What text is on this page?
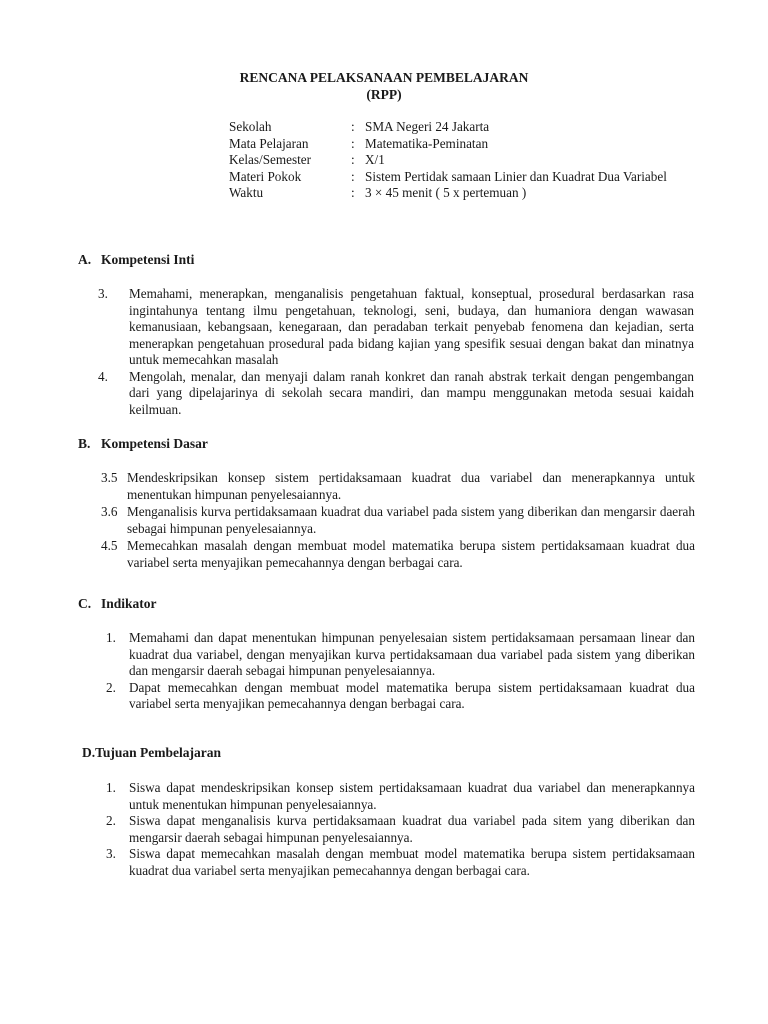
RENCANA PELAKSANAAN PEMBELAJARAN
(RPP)
Sekolah	: SMA Negeri 24 Jakarta
Mata Pelajaran	: Matematika-Peminatan
Kelas/Semester	: X/1
Materi Pokok	: Sistem Pertidak samaan Linier dan Kuadrat Dua Variabel
Waktu	: 3 × 45 menit ( 5 x pertemuan )
A. Kompetensi Inti
3.	Memahami, menerapkan, menganalisis pengetahuan faktual, konseptual, prosedural berdasarkan rasa ingintahunya tentang ilmu pengetahuan, teknologi, seni, budaya, dan humaniora dengan wawasan kemanusiaan, kebangsaan, kenegaraan, dan peradaban terkait penyebab fenomena dan kejadian, serta menerapkan pengetahuan prosedural pada bidang kajian yang spesifik sesuai dengan bakat dan minatnya untuk memecahkan masalah
4.	Mengolah, menalar, dan menyaji dalam ranah konkret dan ranah abstrak terkait dengan pengembangan dari yang dipelajarinya di sekolah secara mandiri, dan mampu menggunakan metoda sesuai kaidah keilmuan.
B. Kompetensi Dasar
3.5 Mendeskripsikan konsep sistem pertidaksamaan kuadrat dua variabel dan menerapkannya untuk menentukan himpunan penyelesaiannya.
3.6 Menganalisis kurva pertidaksamaan kuadrat dua variabel pada sistem yang diberikan dan mengarsir daerah sebagai himpunan penyelesaiannya.
4.5 Memecahkan masalah dengan membuat model matematika berupa sistem pertidaksamaan kuadrat dua variabel serta menyajikan pemecahannya dengan berbagai cara.
C. Indikator
1. Memahami dan dapat menentukan himpunan penyelesaian sistem pertidaksamaan persamaan linear dan kuadrat dua variabel, dengan menyajikan kurva pertidaksamaan dua variabel pada sistem yang diberikan dan mengarsir daerah sebagai himpunan penyelesaiannya.
2. Dapat memecahkan dengan membuat model matematika berupa sistem pertidaksamaan kuadrat dua variabel serta menyajikan pemecahannya dengan berbagai cara.
D.Tujuan Pembelajaran
1. Siswa dapat mendeskripsikan konsep sistem pertidaksamaan kuadrat dua variabel dan menerapkannya untuk menentukan himpunan penyelesaiannya.
2. Siswa dapat menganalisis kurva pertidaksamaan kuadrat dua variabel pada sitem yang diberikan dan mengarsir daerah sebagai himpunan penyelesaiannya.
3. Siswa dapat memecahkan masalah dengan membuat model matematika berupa sistem pertidaksamaan kuadrat dua variabel serta menyajikan pemecahannya dengan berbagai cara.
